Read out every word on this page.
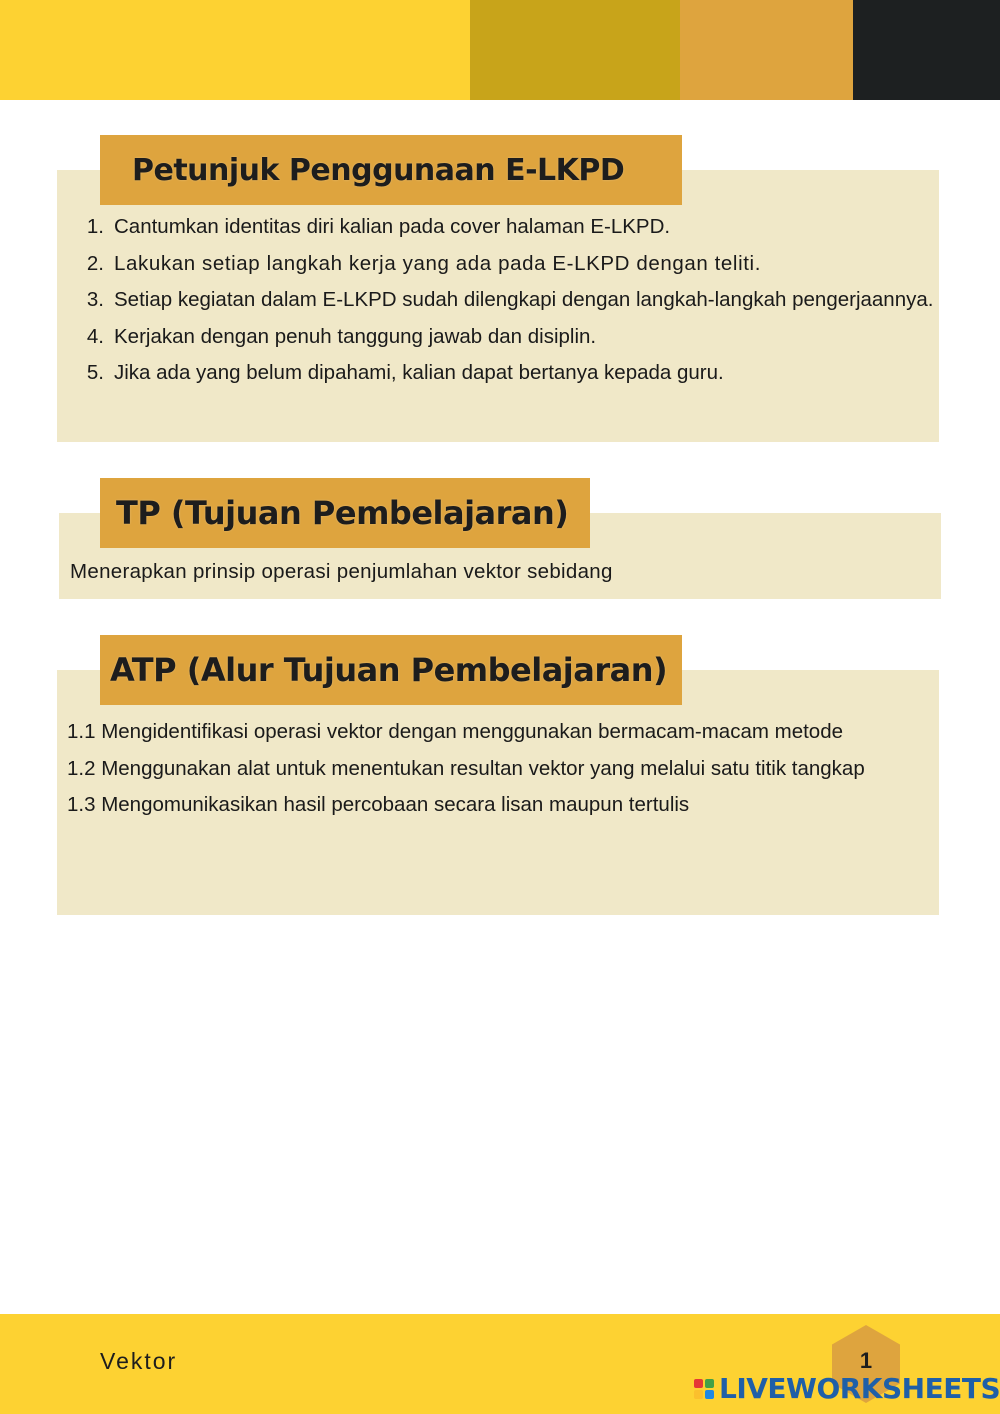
Petunjuk Penggunaan E-LKPD
1. Cantumkan identitas diri kalian pada cover halaman E-LKPD.
2. Lakukan setiap langkah kerja yang ada pada E-LKPD dengan teliti.
3. Setiap kegiatan dalam E-LKPD sudah dilengkapi dengan langkah-langkah pengerjaannya.
4. Kerjakan dengan penuh tanggung jawab dan disiplin.
5. Jika ada yang belum dipahami, kalian dapat bertanya kepada guru.
TP (Tujuan Pembelajaran)
Menerapkan prinsip operasi penjumlahan vektor sebidang
ATP (Alur Tujuan Pembelajaran)

1.1 Mengidentifikasi operasi vektor dengan menggunakan bermacam-macam metode

1.2 Menggunakan alat untuk menentukan resultan vektor yang melalui satu titik tangkap

1.3 Mengomunikasikan hasil percobaan secara lisan maupun tertulis

Vektor	1
LIVEWORKSHEETS
